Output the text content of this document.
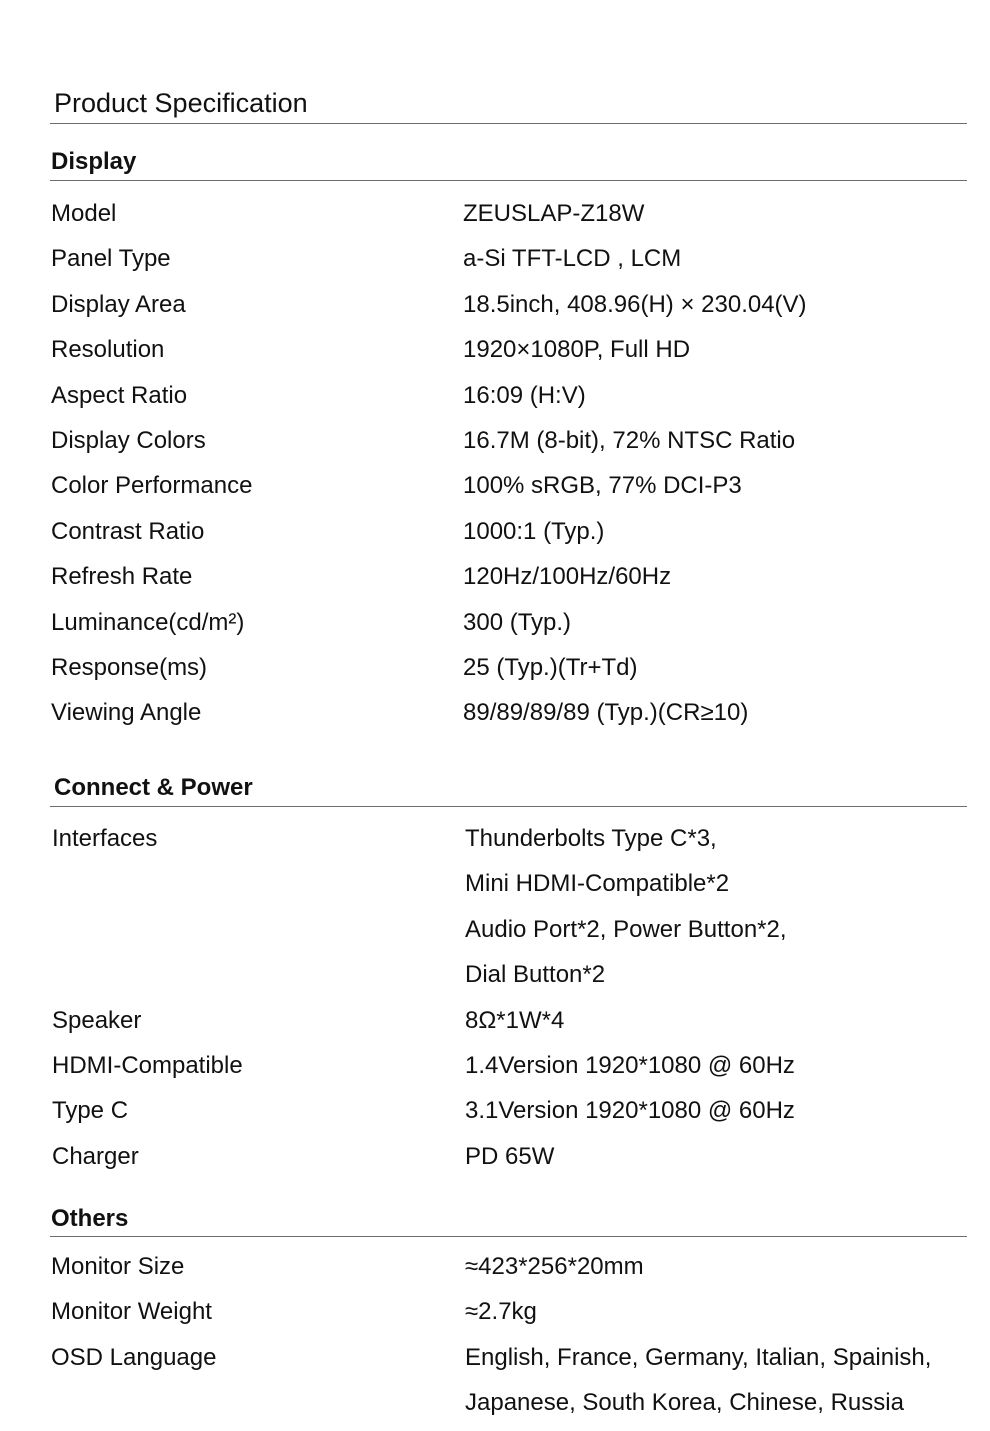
Product Specification
Display
Model	ZEUSLAP-Z18W
Panel Type	a-Si TFT-LCD , LCM
Display Area	18.5inch, 408.96(H) × 230.04(V)
Resolution	1920×1080P, Full HD
Aspect Ratio	16:09 (H:V)
Display Colors	16.7M (8-bit), 72% NTSC Ratio
Color Performance	100% sRGB, 77% DCI-P3
Contrast Ratio	1000:1 (Typ.)
Refresh Rate	120Hz/100Hz/60Hz
Luminance(cd/m²)	300 (Typ.)
Response(ms)	25 (Typ.)(Tr+Td)
Viewing Angle	89/89/89/89 (Typ.)(CR≥10)
Connect & Power
Interfaces	Thunderbolts Type C*3,
Mini HDMI-Compatible*2
Audio Port*2, Power Button*2,
Dial Button*2
Speaker	8Ω*1W*4
HDMI-Compatible	1.4Version 1920*1080 @ 60Hz
Type C	3.1Version 1920*1080 @ 60Hz
Charger	PD 65W
Others
Monitor Size	≈423*256*20mm
Monitor Weight	≈2.7kg
OSD Language	English, France, Germany, Italian, Spainish,
Japanese, South Korea, Chinese, Russia
